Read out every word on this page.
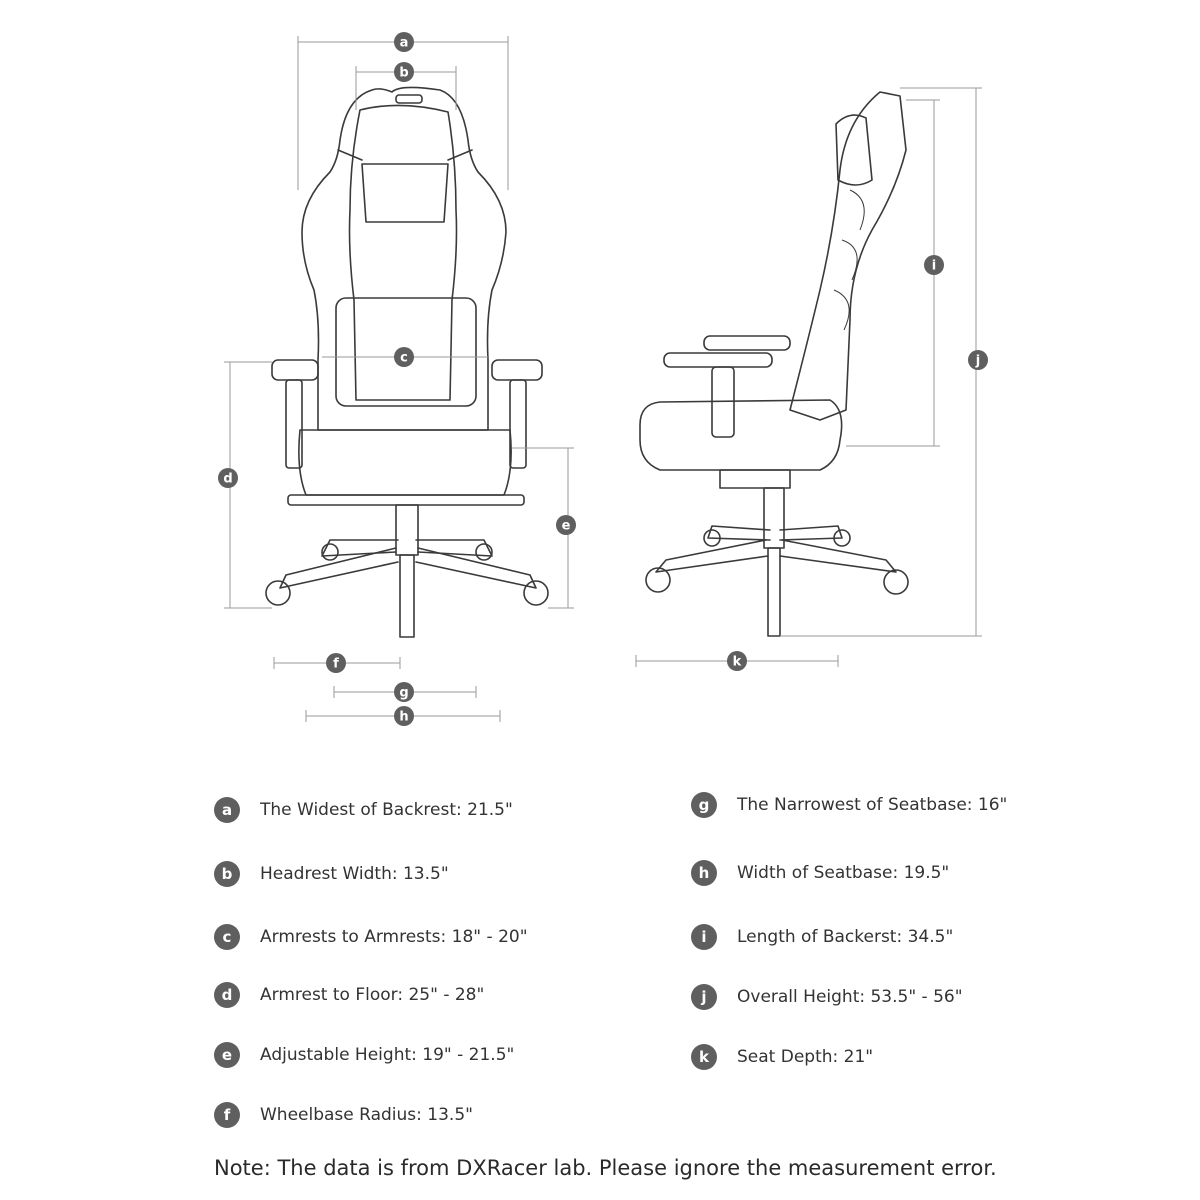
a
b
c
d
e
f
g
h
i
j
k
a	The Widest of Backrest: 21.5"
b	Headrest Width: 13.5"
c	Armrests to Armrests: 18" - 20"
d	Armrest to Floor: 25" - 28"
e	Adjustable Height: 19" - 21.5"
f	Wheelbase Radius: 13.5"
g	The Narrowest of Seatbase: 16"
h	Width of Seatbase: 19.5"
i	Length of Backerst: 34.5"
j	Overall Height: 53.5" - 56"
k	Seat Depth: 21"
Note: The data is from DXRacer lab. Please ignore the measurement error.
